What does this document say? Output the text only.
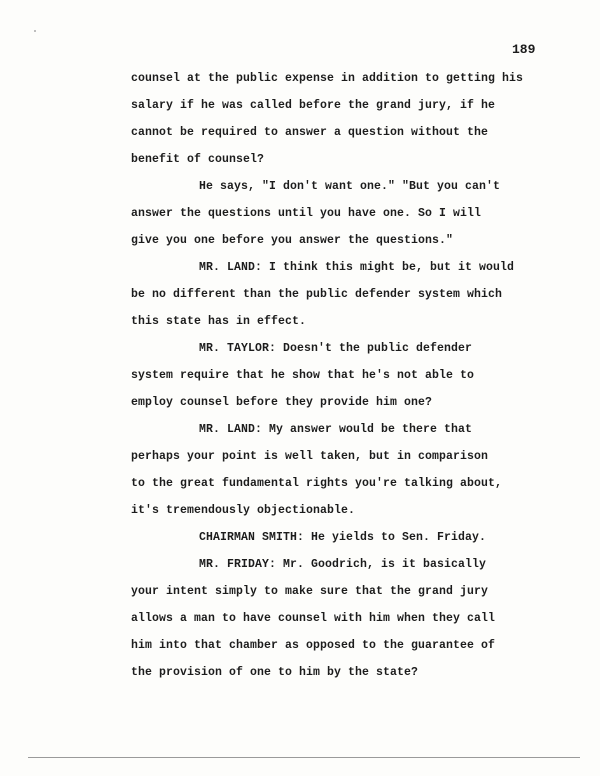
189
counsel at the public expense in addition to getting his
salary if he was called before the grand jury, if he
cannot be required to answer a question without the
benefit of counsel?
He says, "I don't want one." "But you can't
answer the questions until you have one. So I will
give you one before you answer the questions."
MR. LAND: I think this might be, but it would
be no different than the public defender system which
this state has in effect.
MR. TAYLOR: Doesn't the public defender
system require that he show that he's not able to
employ counsel before they provide him one?
MR. LAND: My answer would be there that
perhaps your point is well taken, but in comparison
to the great fundamental rights you're talking about,
it's tremendously objectionable.
CHAIRMAN SMITH: He yields to Sen. Friday.
MR. FRIDAY: Mr. Goodrich, is it basically
your intent simply to make sure that the grand jury
allows a man to have counsel with him when they call
him into that chamber as opposed to the guarantee of
the provision of one to him by the state?
